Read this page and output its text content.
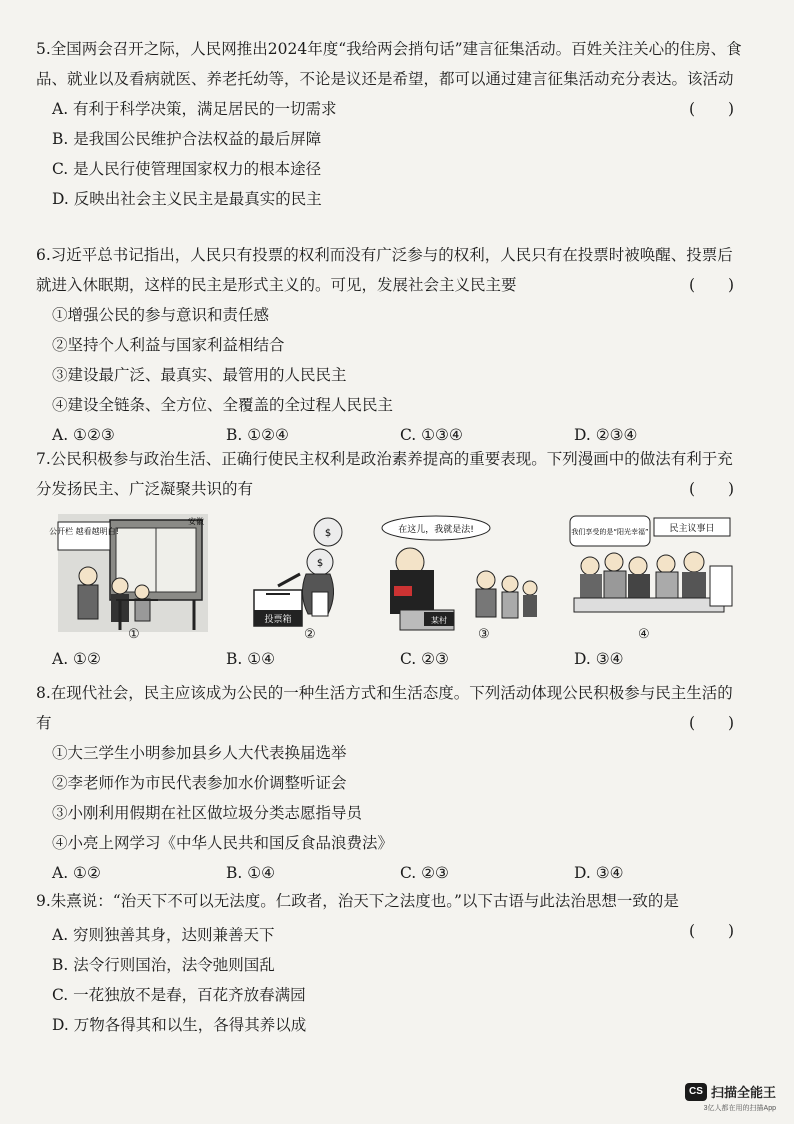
5.全国两会召开之际，人民网推出2024年度“我给两会捎句话”建言征集活动。百姓关注关心的住房、食品、就业以及看病就医、养老托幼等，不论是议还是希望，都可以通过建言征集活动充分表达。该活动
( )
A. 有利于科学决策，满足居民的一切需求
B. 是我国公民维护合法权益的最后屏障
C. 是人民行使管理国家权力的根本途径
D. 反映出社会主义民主是最真实的民主
6.习近平总书记指出，人民只有投票的权利而没有广泛参与的权利，人民只有在投票时被唤醒、投票后就进入休眠期，这样的民主是形式主义的。可见，发展社会主义民主要	( )
①增强公民的参与意识和责任感
②坚持个人利益与国家利益相结合
③建设最广泛、最真实、最管用的人民民主
④建设全链条、全方位、全覆盖的全过程人民民主
A. ①②③	B. ①②④	C. ①③④	D. ②③④
7.公民积极参与政治生活、正确行使民主权利是政治素养提高的重要表现。下列漫画中的做法有利于充分发扬民主、广泛凝聚共识的有	( )
公开栏 越看越明白!
安徽
①
$
$
投票箱
②
在这儿，我就是法!
某村
③
我们享受的是“阳光幸福” 民主议事日
④
A. ①②	B. ①④	C. ②③	D. ③④
8.在现代社会，民主应该成为公民的一种生活方式和生活态度。下列活动体现公民积极参与民主生活的有	( )
①大三学生小明参加县乡人大代表换届选举
②李老师作为市民代表参加水价调整听证会
③小刚利用假期在社区做垃圾分类志愿指导员
④小亮上网学习《中华人民共和国反食品浪费法》
A. ①②	B. ①④	C. ②③	D. ③④
9.朱熹说：“治天下不可以无法度。仁政者，治天下之法度也。”以下古语与此法治思想一致的是
( )
A. 穷则独善其身，达则兼善天下
B. 法令行则国治，法令弛则国乱
C. 一花独放不是春，百花齐放春满园
D. 万物各得其和以生，各得其养以成
CS 扫描全能王
3亿人都在用的扫描App
